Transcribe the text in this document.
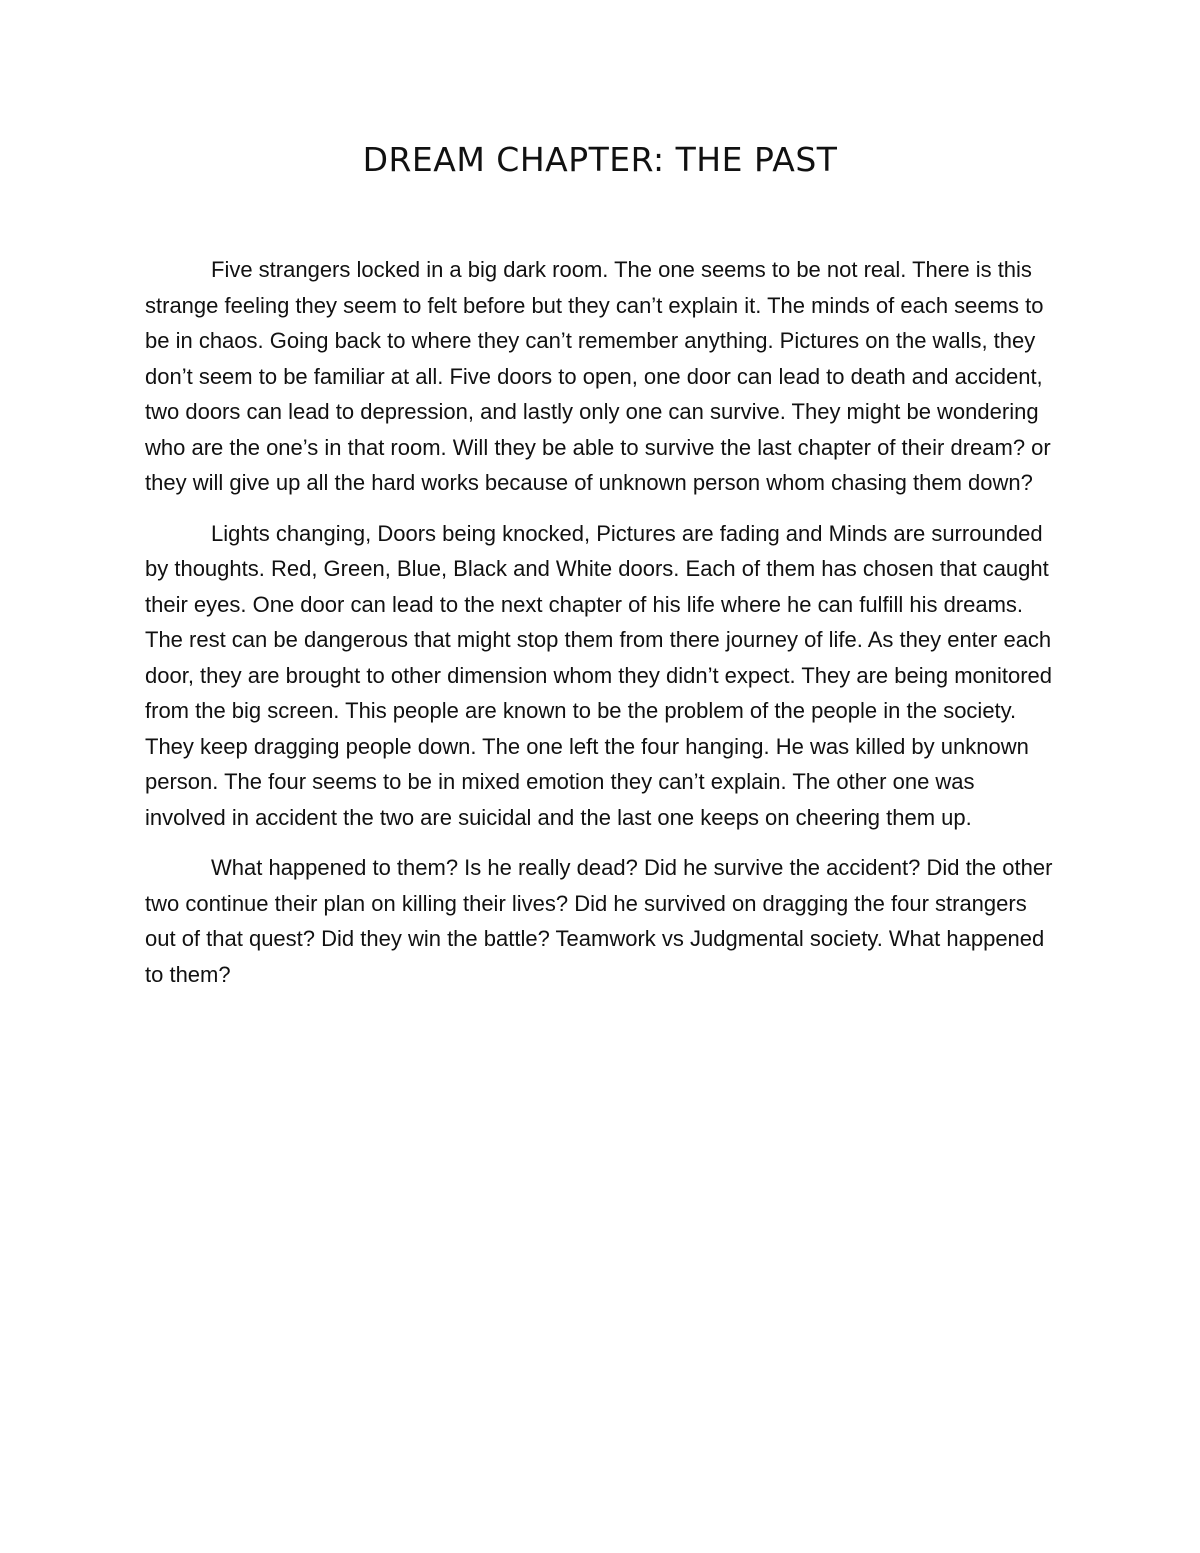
DREAM CHAPTER: THE PAST

Five strangers locked in a big dark room. The one seems to be not real. There is this strange feeling they seem to felt before but they can’t explain it. The minds of each seems to be in chaos. Going back to where they can’t remember anything. Pictures on the walls, they don’t seem to be familiar at all. Five doors to open, one door can lead to death and accident, two doors can lead to depression, and lastly only one can survive. They might be wondering who are the one’s in that room. Will they be able to survive the last chapter of their dream? or they will give up all the hard works because of unknown person whom chasing them down?

Lights changing, Doors being knocked, Pictures are fading and Minds are surrounded by thoughts. Red, Green, Blue, Black and White doors. Each of them has chosen that caught their eyes. One door can lead to the next chapter of his life where he can fulfill his dreams. The rest can be dangerous that might stop them from there journey of life. As they enter each door, they are brought to other dimension whom they didn’t expect. They are being monitored from the big screen. This people are known to be the problem of the people in the society. They keep dragging people down. The one left the four hanging. He was killed by unknown person. The four seems to be in mixed emotion they can’t explain. The other one was involved in accident the two are suicidal and the last one keeps on cheering them up.

What happened to them? Is he really dead? Did he survive the accident? Did the other two continue their plan on killing their lives? Did he survived on dragging the four strangers out of that quest? Did they win the battle? Teamwork vs Judgmental society. What happened to them?
